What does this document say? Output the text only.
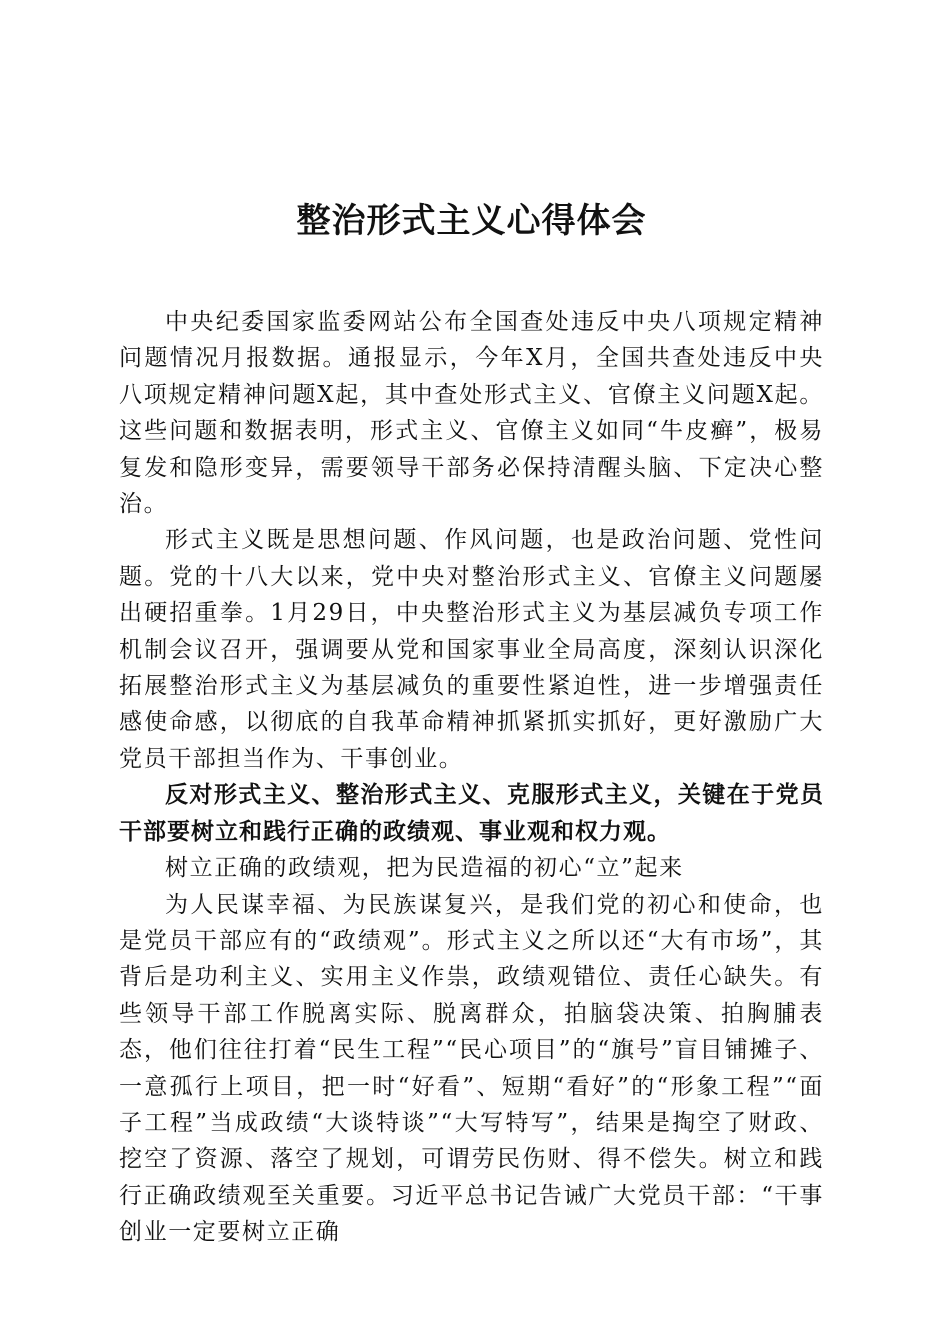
整治形式主义心得体会

中央纪委国家监委网站公布全国查处违反中央八项规定精神问题情况月报数据。通报显示，今年X月，全国共查处违反中央八项规定精神问题X起，其中查处形式主义、官僚主义问题X起。这些问题和数据表明，形式主义、官僚主义如同“牛皮癣”，极易复发和隐形变异，需要领导干部务必保持清醒头脑、下定决心整治。

形式主义既是思想问题、作风问题，也是政治问题、党性问题。党的十八大以来，党中央对整治形式主义、官僚主义问题屡出硬招重拳。1月29日，中央整治形式主义为基层减负专项工作机制会议召开，强调要从党和国家事业全局高度，深刻认识深化拓展整治形式主义为基层减负的重要性紧迫性，进一步增强责任感使命感，以彻底的自我革命精神抓紧抓实抓好，更好激励广大党员干部担当作为、干事创业。

反对形式主义、整治形式主义、克服形式主义，关键在于党员干部要树立和践行正确的政绩观、事业观和权力观。

树立正确的政绩观，把为民造福的初心“立”起来

为人民谋幸福、为民族谋复兴，是我们党的初心和使命，也是党员干部应有的“政绩观”。形式主义之所以还“大有市场”，其背后是功利主义、实用主义作祟，政绩观错位、责任心缺失。有些领导干部工作脱离实际、脱离群众，拍脑袋决策、拍胸脯表态，他们往往打着“民生工程”“民心项目”的“旗号”盲目铺摊子、一意孤行上项目，把一时“好看”、短期“看好”的“形象工程”“面子工程”当成政绩“大谈特谈”“大写特写”，结果是掏空了财政、挖空了资源、落空了规划，可谓劳民伤财、得不偿失。树立和践行正确政绩观至关重要。习近平总书记告诫广大党员干部：“干事创业一定要树立正确
